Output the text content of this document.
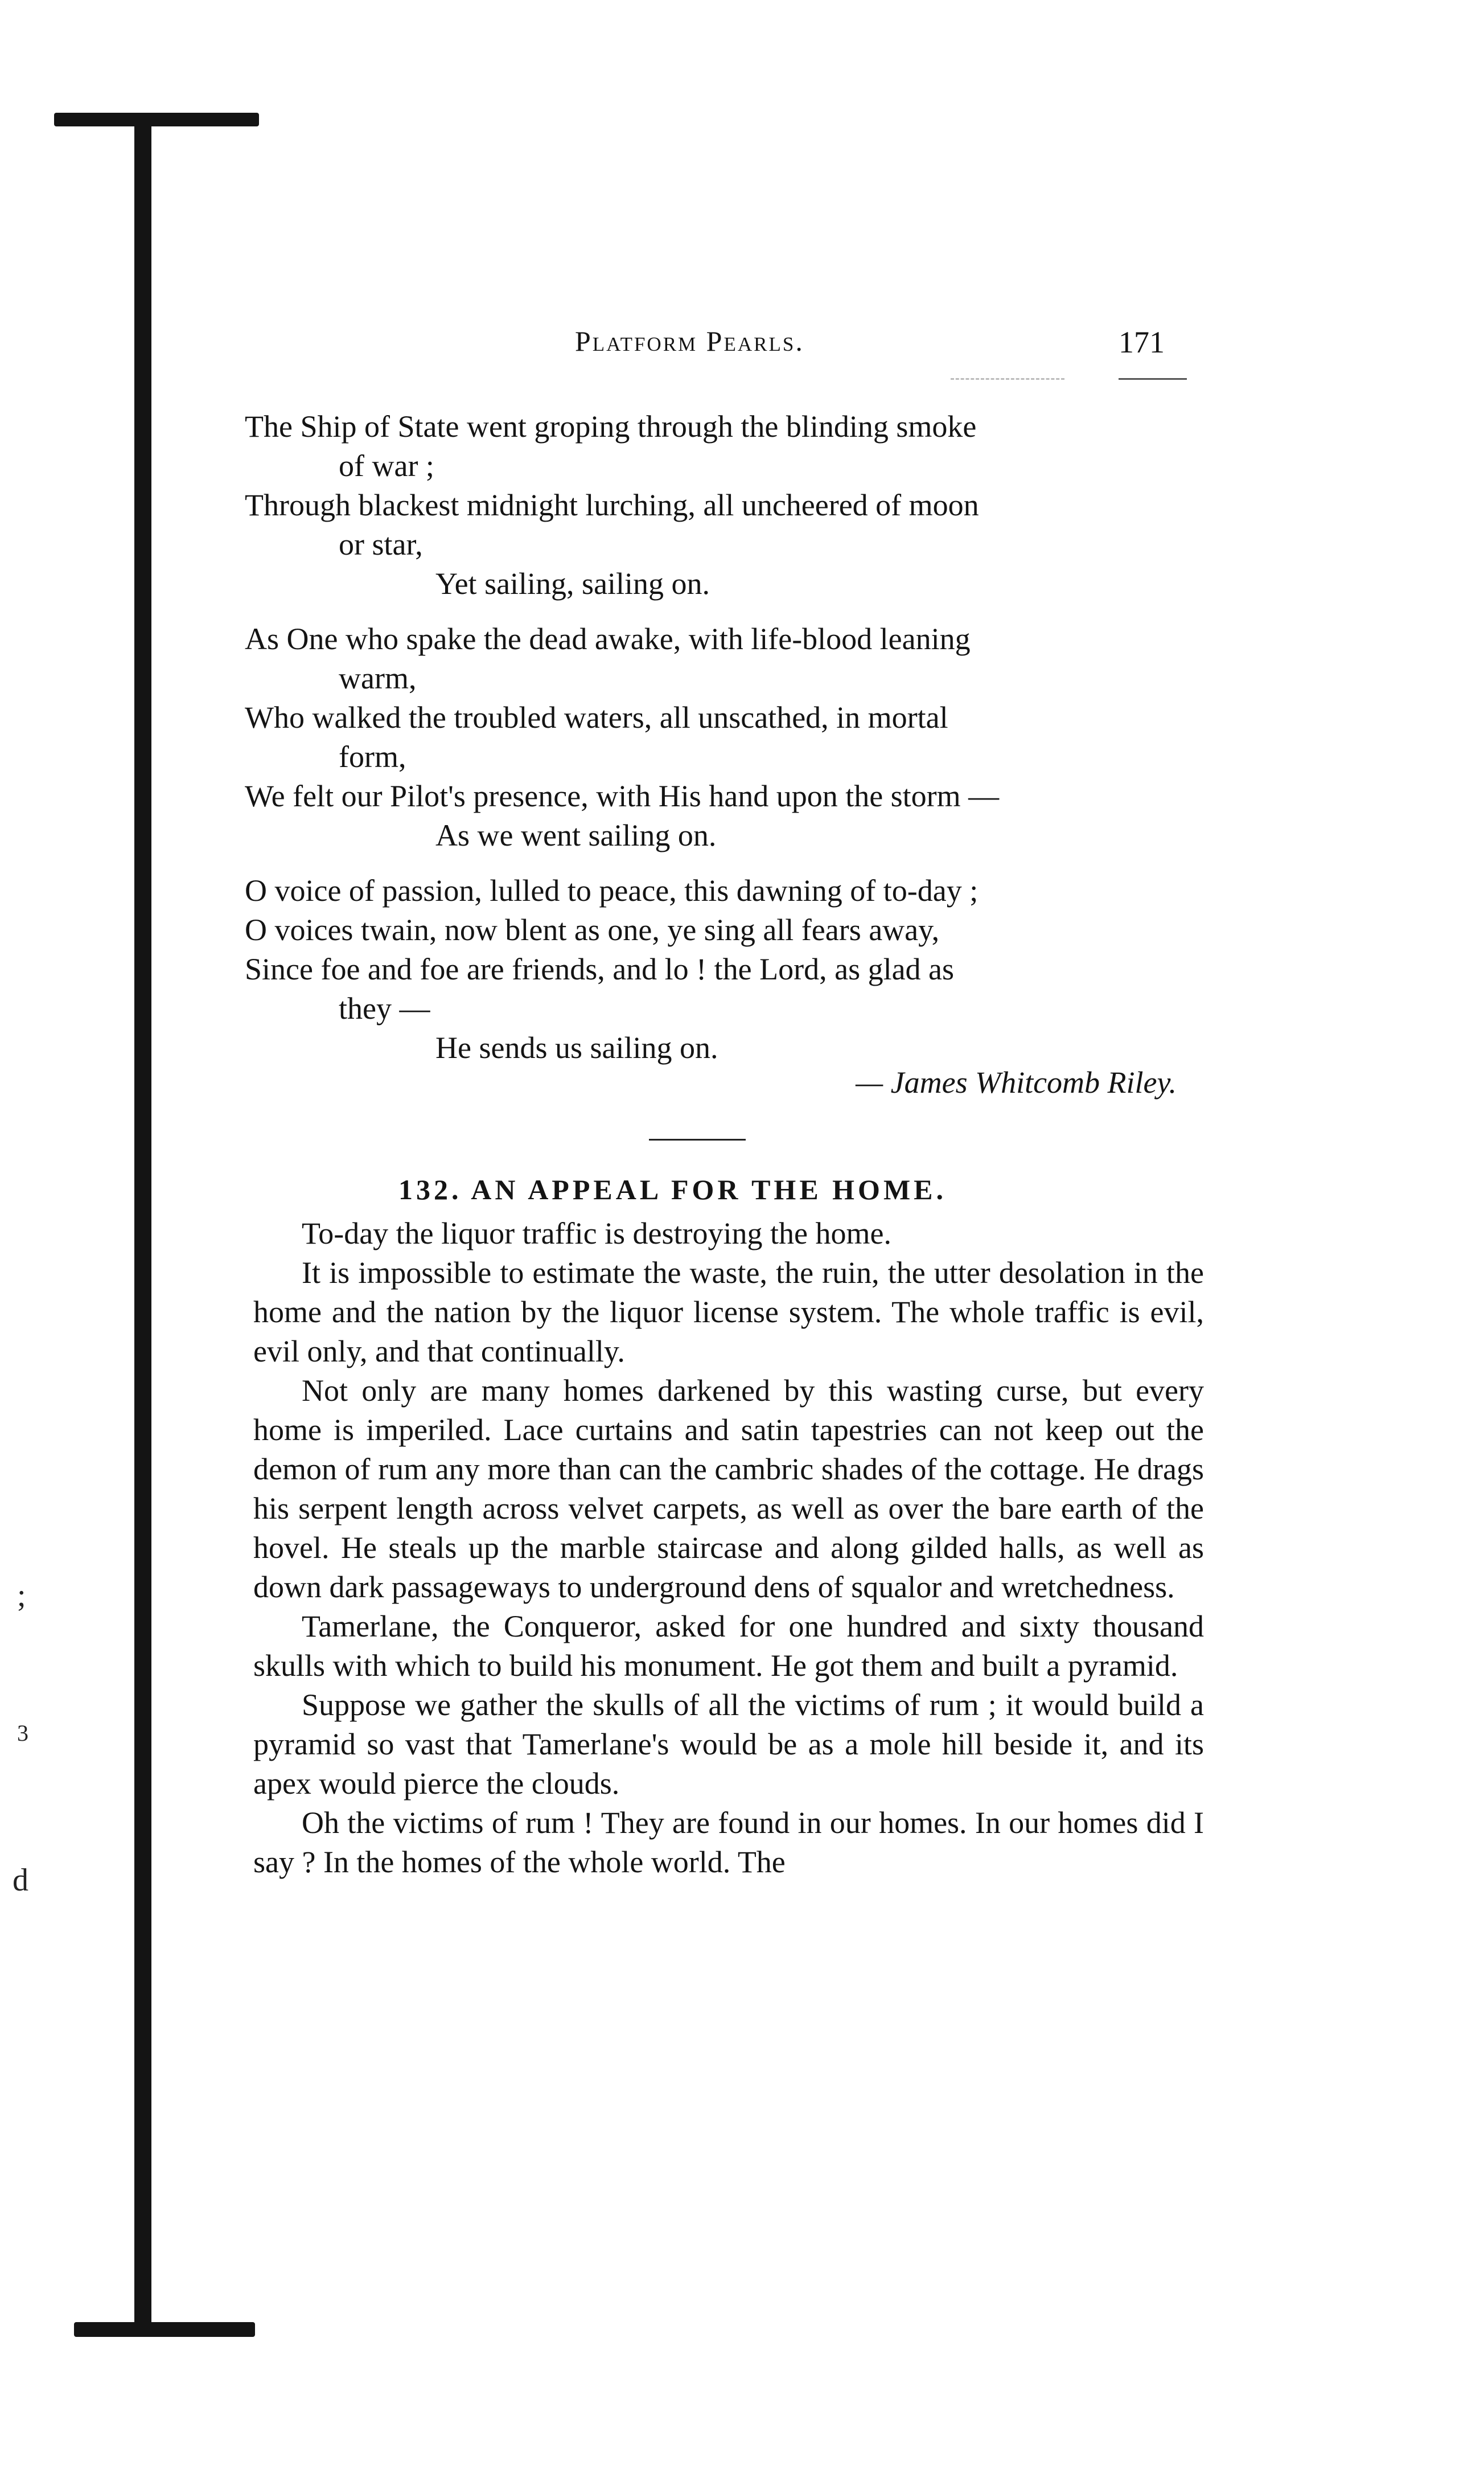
;
3
d
Platform Pearls.	171
The Ship of State went groping through the blinding smoke
of war ;
Through blackest midnight lurching, all uncheered of moon
or star,
Yet sailing, sailing on.
As One who spake the dead awake, with life-blood leaning
warm,
Who walked the troubled waters, all unscathed, in mortal
form,
We felt our Pilot's presence, with His hand upon the storm —
As we went sailing on.
O voice of passion, lulled to peace, this dawning of to-day ;
O voices twain, now blent as one, ye sing all fears away,
Since foe and foe are friends, and lo ! the Lord, as glad as
they —
He sends us sailing on.
— James Whitcomb Riley.
132. AN APPEAL FOR THE HOME.

To-day the liquor traffic is destroying the home.

It is impossible to estimate the waste, the ruin, the utter desolation in the home and the nation by the liquor license system. The whole traffic is evil, evil only, and that continually.

Not only are many homes darkened by this wasting curse, but every home is imperiled. Lace curtains and satin tapestries can not keep out the demon of rum any more than can the cambric shades of the cottage. He drags his serpent length across velvet carpets, as well as over the bare earth of the hovel. He steals up the marble staircase and along gilded halls, as well as down dark passageways to underground dens of squalor and wretchedness.

Tamerlane, the Conqueror, asked for one hundred and sixty thousand skulls with which to build his monument. He got them and built a pyramid.

Suppose we gather the skulls of all the victims of rum ; it would build a pyramid so vast that Tamerlane's would be as a mole hill beside it, and its apex would pierce the clouds.

Oh the victims of rum ! They are found in our homes. In our homes did I say ? In the homes of the whole world. The
